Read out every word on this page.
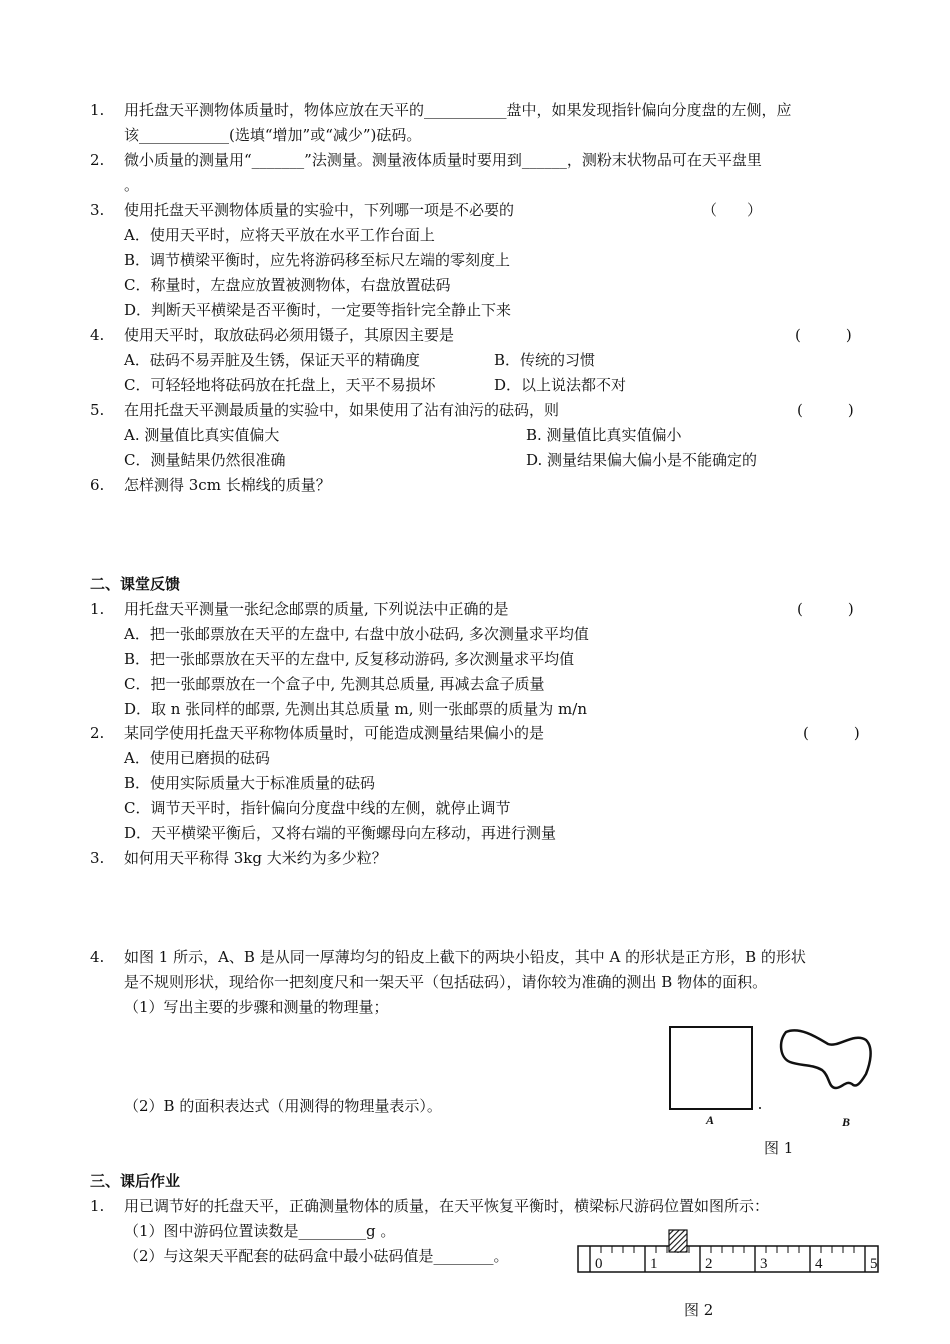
1. 用托盘天平测物体质量时，物体应放在天平的___________盘中，如果发现指针偏向分度盘的左侧，应
该____________(选填“增加”或“减少”)砝码。
2. 微小质量的测量用“_______”法测量。测量液体质量时要用到______，测粉末状物品可在天平盘里
。
3. 使用托盘天平测物体质量的实验中，下列哪一项是不必要的	（　　）
A．使用天平时，应将天平放在水平工作台面上
B．调节横梁平衡时，应先将游码移至标尺左端的零刻度上
C．称量时，左盘应放置被测物体，右盘放置砝码
D．判断天平横梁是否平衡时，一定要等指针完全静止下来
4. 使用天平时，取放砝码必须用镊子，其原因主要是	(　　　)
A．砝码不易弄脏及生锈，保证天平的精确度	B．传统的习惯
C．可轻轻地将砝码放在托盘上，天平不易损坏	D．以上说法都不对
5. 在用托盘天平测最质量的实验中，如果使用了沾有油污的砝码，则	(　　　)
A. 测量值比真实值偏大	B. 测量值比真实值偏小
C．测量鲒果仍然很准确	D. 测量结果偏大偏小是不能确定的
6. 怎样测得 3cm 长棉线的质量？
二、课堂反馈
1. 用托盘天平测量一张纪念邮票的质量, 下列说法中正确的是	(　　　)
A．把一张邮票放在天平的左盘中, 右盘中放小砝码, 多次测量求平均值
B．把一张邮票放在天平的左盘中, 反复移动游码, 多次测量求平均值
C．把一张邮票放在一个盒子中, 先测其总质量, 再减去盒子质量
D．取 n 张同样的邮票, 先测出其总质量 m, 则一张邮票的质量为 m/n
2. 某同学使用托盘天平称物体质量时，可能造成测量结果偏小的是	(　　　)
A．使用已磨损的砝码
B．使用实际质量大于标准质量的砝码
C．调节天平时，指针偏向分度盘中线的左侧，就停止调节
D．天平横梁平衡后，又将右端的平衡螺母向左移动，再进行测量
3. 如何用天平称得 3kg 大米约为多少粒？
4. 如图 1 所示，A、B 是从同一厚薄均匀的铅皮上截下的两块小铅皮，其中 A 的形状是正方形，B 的形状
是不规则形状，现给你一把刻度尺和一架天平（包括砝码），请你较为准确的测出 B 物体的面积。
（1）写出主要的步骤和测量的物理量；
（2）B 的面积表达式（用测得的物理量表示）。
A	B
图 1
三、课后作业
1. 用已调节好的托盘天平，正确测量物体的质量，在天平恢复平衡时，横梁标尺游码位置如图所示：
（1）图中游码位置读数是_________g 。
（2）与这架天平配套的砝码盒中最小砝码值是________。	0	1	2	3	4	5
图 2
